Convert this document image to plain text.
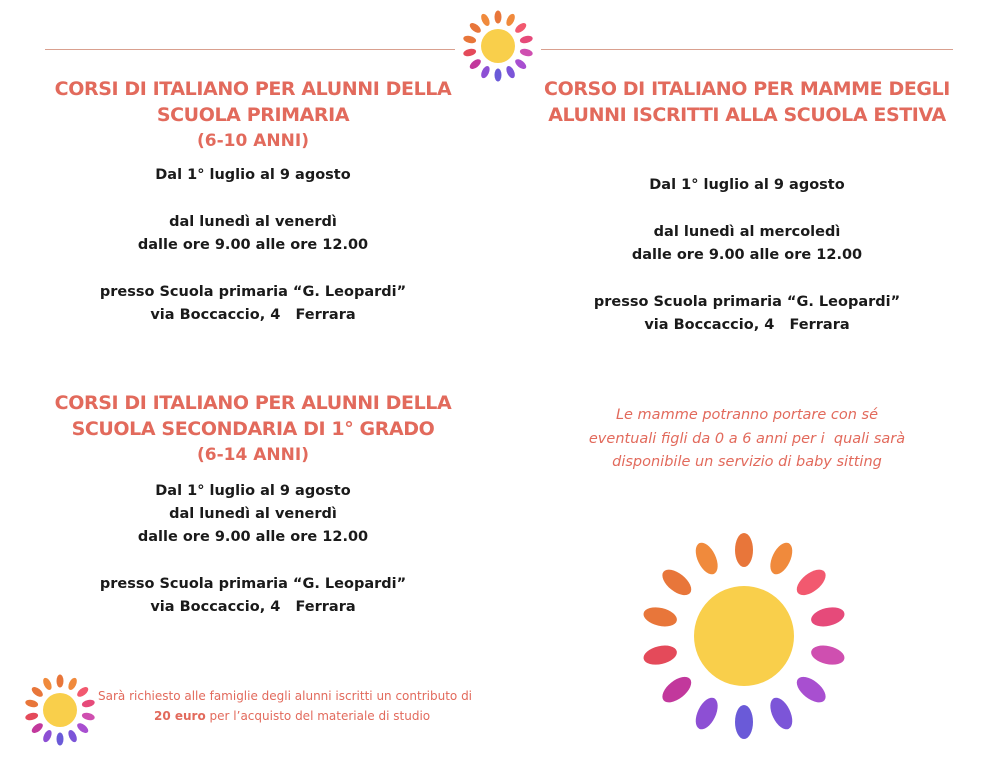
CORSI DI ITALIANO PER ALUNNI DELLA

SCUOLA PRIMARIA

(6-10 ANNI)

Dal 1° luglio al 9 agosto

dal lunedì al venerdì

dalle ore 9.00 alle ore 12.00

presso Scuola primaria “G. Leopardi”

via Boccaccio, 4   Ferrara

CORSI DI ITALIANO PER ALUNNI DELLA

SCUOLA SECONDARIA DI 1° GRADO

(6-14 ANNI)

Dal 1° luglio al 9 agosto

dal lunedì al venerdì

dalle ore 9.00 alle ore 12.00

presso Scuola primaria “G. Leopardi”

via Boccaccio, 4   Ferrara

CORSO DI ITALIANO PER MAMME DEGLI

ALUNNI ISCRITTI ALLA SCUOLA ESTIVA

Dal 1° luglio al 9 agosto

dal lunedì al mercoledì

dalle ore 9.00 alle ore 12.00

presso Scuola primaria “G. Leopardi”

via Boccaccio, 4   Ferrara

Le mamme potranno portare con sé

eventuali figli da 0 a 6 anni per i  quali sarà

disponibile un servizio di baby sitting

Sarà richiesto alle famiglie degli alunni iscritti un contributo di
20 euro per l’acquisto del materiale di studio
